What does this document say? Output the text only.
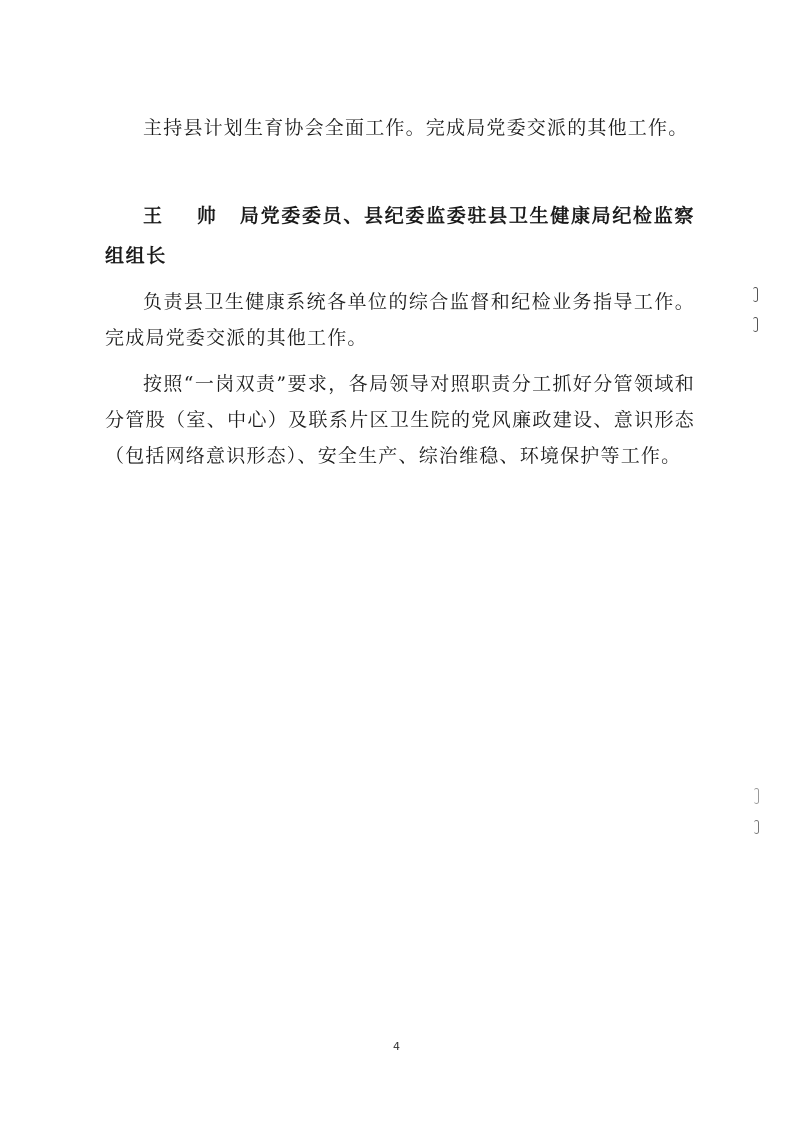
主持县计划生育协会全面工作。完成局党委交派的其他工作。

王 帅 局党委委员、县纪委监委驻县卫生健康局纪检监察组组长

负责县卫生健康系统各单位的综合监督和纪检业务指导工作。完成局党委交派的其他工作。

按照“一岗双责”要求，各局领导对照职责分工抓好分管领域和分管股（室、中心）及联系片区卫生院的党风廉政建设、意识形态（包括网络意识形态）、安全生产、综治维稳、环境保护等工作。

4
